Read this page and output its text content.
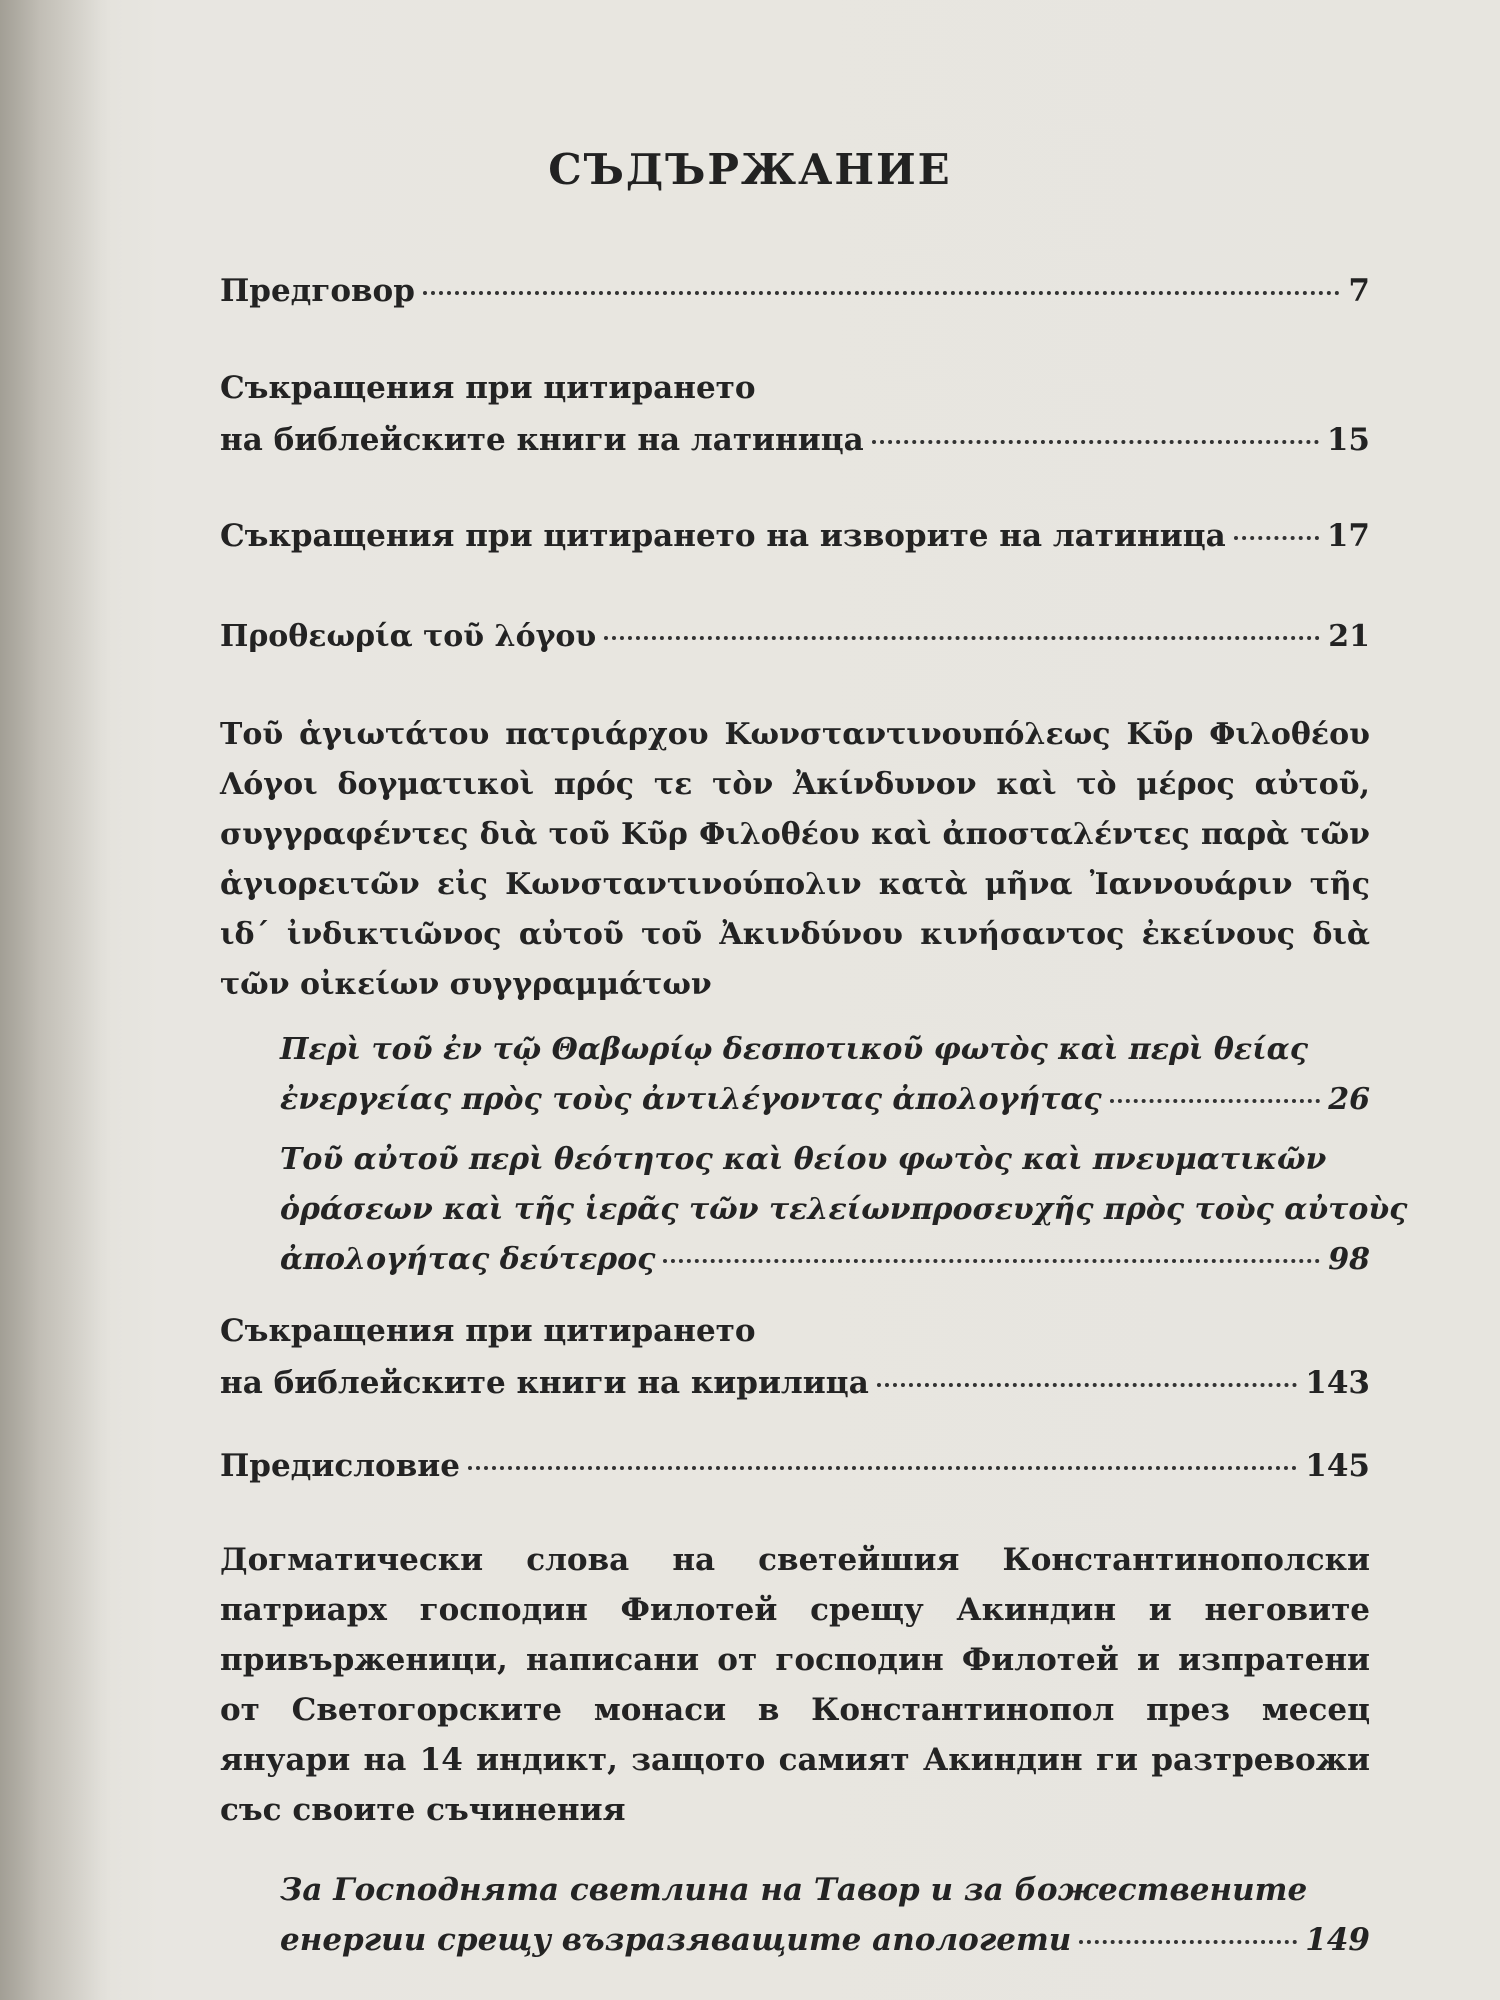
СЪДЪРЖАНИЕ
Предговор	7
Съкращения при цитирането
на библейските книги на латиница	15
Съкращения при цитирането на изворите на латиница	17
Προθεωρία τοῦ λόγου	21
Τοῦ ἁγιωτάτου πατριάρχου Κωνσταντινουπόλεως Κῦρ Φιλοθέου Λόγοι δογματικοὶ πρός τε τὸν Ἀκίνδυνον καὶ τὸ μέρος αὐτοῦ, συγγραφέντες διὰ τοῦ Κῦρ Φιλοθέου καὶ ἀποσταλέντες παρὰ τῶν ἁγιορειτῶν εἰς Κωνσταντινούπολιν κατὰ μῆνα Ἰαννουάριν τῆς ιδ´ ἰνδικτιῶνος αὐτοῦ τοῦ Ἀκινδύνου κινήσαντος ἐκείνους διὰ τῶν οἰκείων συγγραμμάτων
Περὶ τοῦ ἐν τῷ Θαβωρίῳ δεσποτικοῦ φωτὸς καὶ περὶ θείας
ἐνεργείας πρὸς τοὺς ἀντιλέγοντας ἀπολογήτας	26
Τοῦ αὐτοῦ περὶ θεότητος καὶ θείου φωτὸς καὶ πνευματικῶν
ὁράσεων καὶ τῆς ἱερᾶς τῶν τελείωνπροσευχῆς πρὸς τοὺς αὐτοὺς
ἀπολογήτας δεύτερος	98
Съкращения при цитирането
на библейските книги на кирилица	143
Предисловие	145
Догматически слова на светейшия Константинополски патриарх господин Филотей срещу Акиндин и неговите привърженици, написани от господин Филотей и изпратени от Светогорските монаси в Константинопол през месец януари на 14 индикт, защото самият Акиндин ги разтревожи със своите съчинения
За Господнята светлина на Тавор и за божествените
енергии срещу възразяващите апологети	149
